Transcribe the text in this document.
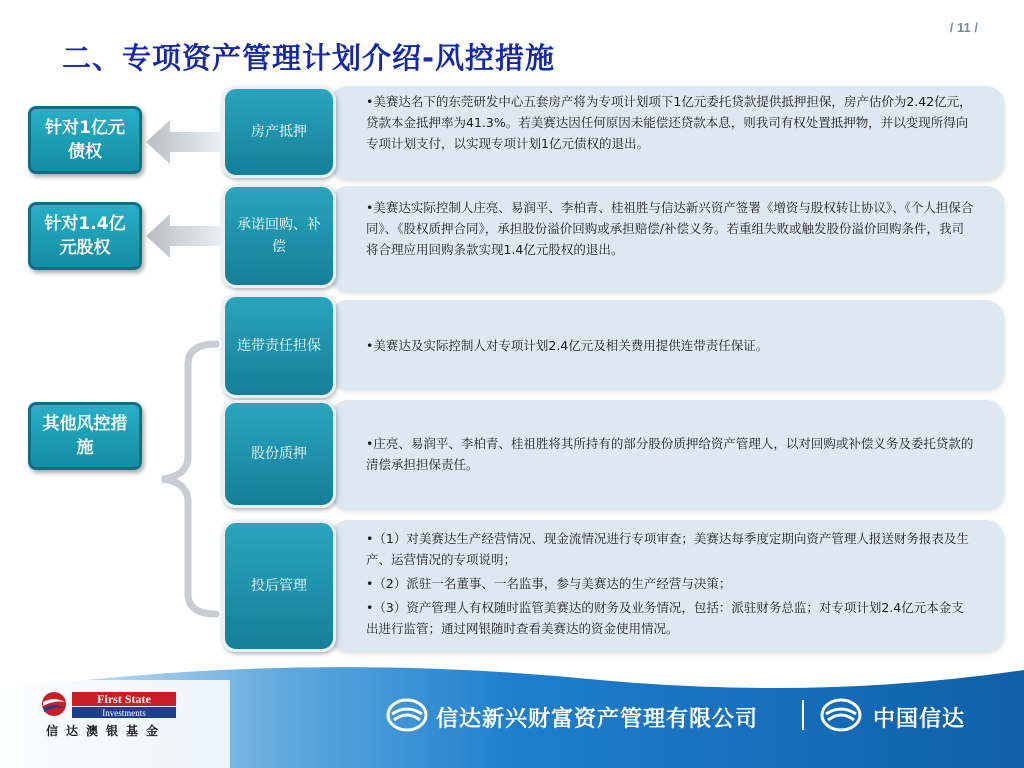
/ 11 /
二、专项资产管理计划介绍-风控措施

•美赛达名下的东莞研发中心五套房产将为专项计划项下1亿元委托贷款提供抵押担保，房产估价为2.42亿元，贷款本金抵押率为41.3%。若美赛达因任何原因未能偿还贷款本息，则我司有权处置抵押物，并以变现所得向专项计划支付，以实现专项计划1亿元债权的退出。

•美赛达实际控制人庄亮、易润平、李柏青、桂祖胜与信达新兴资产签署《增资与股权转让协议》、《个人担保合同》、《股权质押合同》，承担股份溢价回购或承担赔偿/补偿义务。若重组失败或触发股份溢价回购条件，我司将合理应用回购条款实现1.4亿元股权的退出。

•美赛达及实际控制人对专项计划2.4亿元及相关费用提供连带责任保证。

•庄亮、易润平、李柏青、桂祖胜将其所持有的部分股份质押给资产管理人，以对回购或补偿义务及委托贷款的清偿承担担保责任。

•（1）对美赛达生产经营情况、现金流情况进行专项审查；美赛达每季度定期向资产管理人报送财务报表及生产、运营情况的专项说明；

•（2）派驻一名董事、一名监事，参与美赛达的生产经营与决策；

•（3）资产管理人有权随时监管美赛达的财务及业务情况，包括：派驻财务总监；对专项计划2.4亿元本金支出进行监管；通过网银随时查看美赛达的资金使用情况。

房产抵押
承诺回购、补偿
连带责任担保
股份质押
投后管理
针对1亿元债权
针对1.4亿元股权
其他风控措施
First State
Investments
信达澳银基金	信达新兴财富资产管理有限公司	中国信达
